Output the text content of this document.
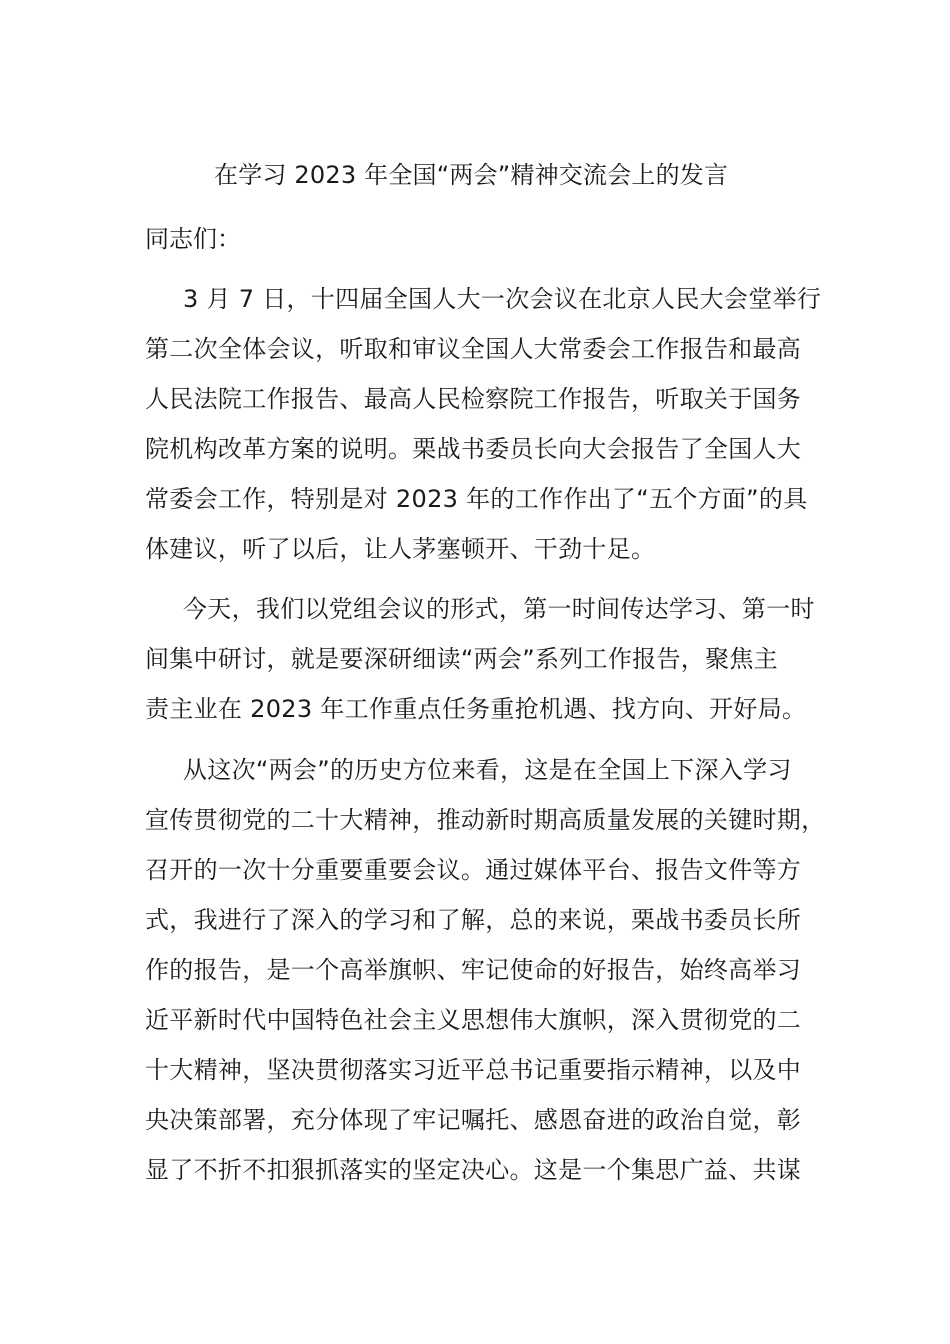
在学习 2023 年全国“两会”精神交流会上的发言
同志们：
3 月 7 日，十四届全国人大一次会议在北京人民大会堂举行
第二次全体会议，听取和审议全国人大常委会工作报告和最高
人民法院工作报告、最高人民检察院工作报告，听取关于国务
院机构改革方案的说明。栗战书委员长向大会报告了全国人大
常委会工作，特别是对 2023 年的工作作出了“五个方面”的具
体建议，听了以后，让人茅塞顿开、干劲十足。
今天，我们以党组会议的形式，第一时间传达学习、第一时
间集中研讨，就是要深研细读“两会”系列工作报告，聚焦主
责主业在 2023 年工作重点任务重抢机遇、找方向、开好局。
从这次“两会”的历史方位来看，这是在全国上下深入学习
宣传贯彻党的二十大精神，推动新时期高质量发展的关键时期，
召开的一次十分重要重要会议。通过媒体平台、报告文件等方
式，我进行了深入的学习和了解，总的来说，栗战书委员长所
作的报告，是一个高举旗帜、牢记使命的好报告，始终高举习
近平新时代中国特色社会主义思想伟大旗帜，深入贯彻党的二
十大精神，坚决贯彻落实习近平总书记重要指示精神，以及中
央决策部署，充分体现了牢记嘱托、感恩奋进的政治自觉，彰
显了不折不扣狠抓落实的坚定决心。这是一个集思广益、共谋
